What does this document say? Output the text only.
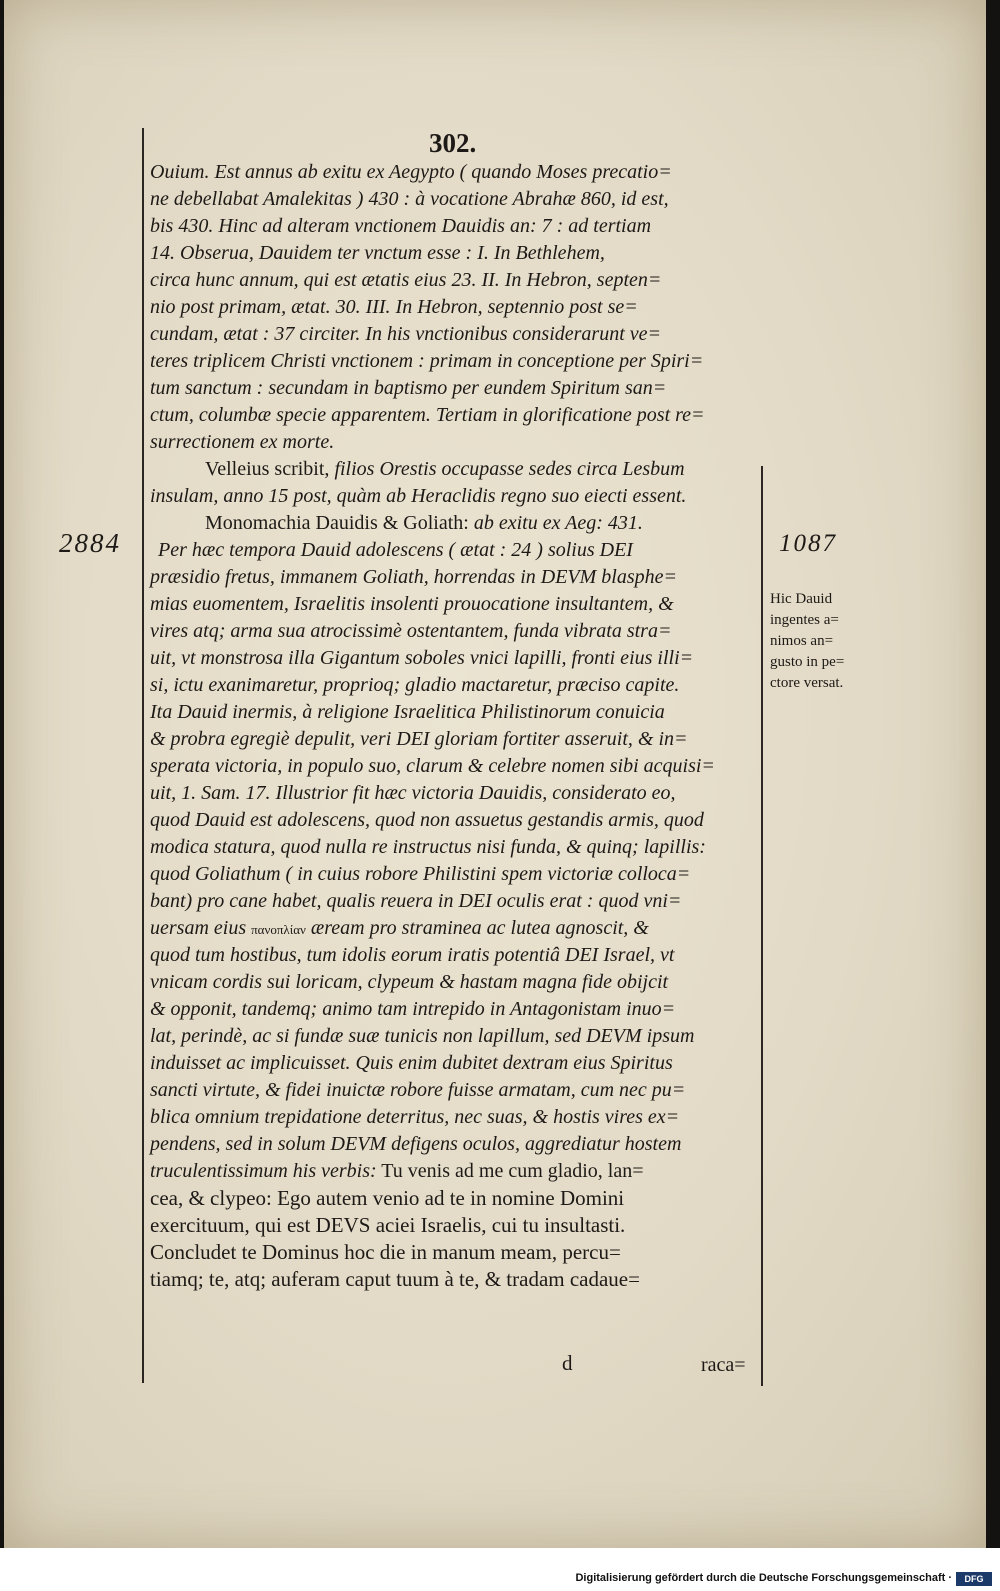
302.
Ouium. Est annus ab exitu ex Aegypto ( quando Moses precatio=
ne debellabat Amalekitas ) 430 : à vocatione Abrahæ 860, id est,
bis 430. Hinc ad alteram vnctionem Dauidis an: 7 : ad tertiam
14. Obserua, Dauidem ter vnctum esse : I. In Bethlehem,
circa hunc annum, qui est ætatis eius 23. II. In Hebron, septen=
nio post primam, ætat. 30. III. In Hebron, septennio post se=
cundam, ætat : 37 circiter. In his vnctionibus considerarunt ve=
teres triplicem Christi vnctionem : primam in conceptione per Spiri=
tum sanctum : secundam in baptismo per eundem Spiritum san=
ctum, columbæ specie apparentem. Tertiam in glorificatione post re=
surrectionem ex morte.
Velleius scribit, filios Orestis occupasse sedes circa Lesbum
insulam, anno 15 post, quàm ab Heraclidis regno suo eiecti essent.
Monomachia Dauidis & Goliath: ab exitu ex Aeg: 431.
Per hæc tempora Dauid adolescens ( ætat : 24 ) solius DEI
præsidio fretus, immanem Goliath, horrendas in DEVM blasphe=
mias euomentem, Israelitis insolenti prouocatione insultantem, &
vires atq; arma sua atrocissimè ostentantem, funda vibrata stra=
uit, vt monstrosa illa Gigantum soboles vnici lapilli, fronti eius illi=
si, ictu exanimaretur, proprioq; gladio mactaretur, præciso capite.
Ita Dauid inermis, à religione Israelitica Philistinorum conuicia
& probra egregiè depulit, veri DEI gloriam fortiter asseruit, & in=
sperata victoria, in populo suo, clarum & celebre nomen sibi acquisi=
uit, 1. Sam. 17. Illustrior fit hæc victoria Dauidis, considerato eo,
quod Dauid est adolescens, quod non assuetus gestandis armis, quod
modica statura, quod nulla re instructus nisi funda, & quinq; lapillis:
quod Goliathum ( in cuius robore Philistini spem victoriæ colloca=
bant) pro cane habet, qualis reuera in DEI oculis erat : quod vni=
uersam eius πανοπλίαν æream pro straminea ac lutea agnoscit, &
quod tum hostibus, tum idolis eorum iratis potentiâ DEI Israel, vt
vnicam cordis sui loricam, clypeum & hastam magna fide obijcit
& opponit, tandemq; animo tam intrepido in Antagonistam inuo=
lat, perindè, ac si fundæ suæ tunicis non lapillum, sed DEVM ipsum
induisset ac implicuisset. Quis enim dubitet dextram eius Spiritus
sancti virtute, & fidei inuictæ robore fuisse armatam, cum nec pu=
blica omnium trepidatione deterritus, nec suas, & hostis vires ex=
pendens, sed in solum DEVM defigens oculos, aggrediatur hostem
truculentissimum his verbis: Tu venis ad me cum gladio, lan=
cea, & clypeo: Ego autem venio ad te in nomine Domini
exercituum, qui est DEVS aciei Israelis, cui tu insultasti.
Concludet te Dominus hoc die in manum meam, percu=
tiamq; te, atq; auferam caput tuum à te, & tradam cadaue=
2884	1087
Hic Dauid
ingentes a=
nimos an=
gusto in pe=
ctore versat.
d	raca=
Digitalisierung gefördert durch die Deutsche Forschungsgemeinschaft ·	DFG
